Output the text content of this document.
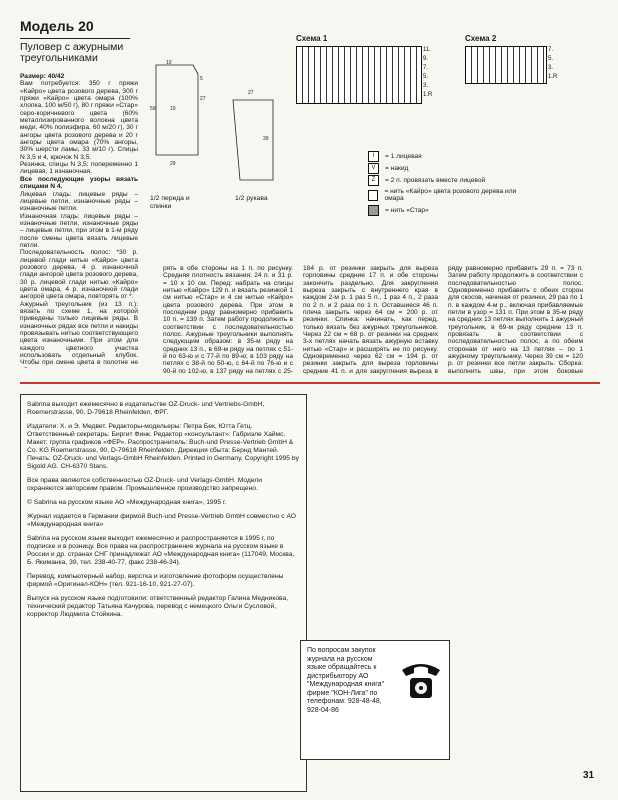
Модель 20
Пуловер с ажурными треугольниками
Размер: 40/42
Вам потребуется: 350 г пряжи «Кайро» цвета розового дерева, 300 г пряжи «Кайро» цвета омара (100% хлопка, 100 м/50 г), 80 г пряжи «Стар» серо-коричневого цвета (60% металлизированного волокна цвета меди, 40% полиэфира, 60 м/20 г), 30 г ангоры цвета розового дерева и 20 г ангоры цвета омара (70% ангоры, 30% шерсти ламы, 33 м/10 г). Спицы N 3,5 и 4, крючок N 3,5.
Резинка, спицы N 3,5: попеременно 1 лицевая, 1 изнаночная.
Все последующие узоры вязать спицами N 4.
Лицевая гладь: лицевые ряды – лицевые петли, изнаночные ряды – изнаночные петли.
Изнаночная гладь: лицевые ряды – изнаночные петли, изнаночные ряды – лицевые петли, при этом в 1-м ряду после смены цвета вязать лицевые петли.
Последовательность полос: *30 р. лицевой глади нитью «Кайро» цвета розового дерева, 4 р. изнаночной глади ангорой цвета розового дерева, 30 р. лицевой глади нитью «Кайро» цвета омара, 4 р. изнаночной глади ангорой цвета омара, повторять от *.
Ажурный треугольник (из 13 п.): вязать по схеме 1, на которой приведены только лицевые ряды. В изнаночных рядах все петли и накиды провязывать нитью соответствующего цвета изнаночными. При этом для каждого цветного участка использовать отдельный клубок. Чтобы при смене цвета в полотне не
10
19
5
27
27
59
29
39
1/2 переда и спинки
1/2 рукава
Схема 1
11.
9.
7.
5.
3.
1.R
Схема 2
7.
5.
3.
1.R
I	= 1 лицевая
V	= накид
Z	= 2 п. провязать вместе лицевой
= нить «Кайро» цвета розового дерева или омара
= нить «Стар»
рять в обе стороны на 1 п. по рисунку. Средняя плотность вязания: 24 п. и 31 р. = 10 х 10 см. Перед: набрать на спицы нитью «Кайро» 129 п. и вязать резинкой 1 см нитью «Стар» и 4 см нитью «Кайро» цвета розового дерева. При этом в последнем ряду равномерно прибавить 10 п. = 139 п. Затем работу продолжить в соответствии с последовательностью полос. Ажурные треугольники выполнять следующим образом: в 35-м ряду на средних 13 п., в 69-м ряду на петлях с 51-й по 63-ю и с 77-й по 89-ю; в 103 ряду на петлях с 38-й по 50-ю, с 64-й по 76-ю и с 90-й по 102-ю, в 137 ряду на петлях с 25-
184 р. от резинки закрыть для выреза горловины средние 17 п. и обе стороны закончить раздельно. Для закругления выреза закрыть с внутреннего края в каждом 2-м р. 1 раз 5 п., 1 раз 4 п., 2 раза по 2 п. и 2 раза по 1 п. Оставшиеся 46 п. плеча закрыть через 64 см = 200 р. от резинки. Спинка: начинать, как перед, только вязать без ажурных треугольников. Через 22 см = 68 р. от резинки на средних 3-х петлях начать вязать ажурную вставку нитью «Стар» и расширять ее по рисунку. Одновременно через 62 см = 194 р. от резинки закрыть для выреза горловины средние 41 п. и для закругления выреза в
ряду равномерно прибавить 29 п. = 73 п. Затем работу продолжить в соответствии с последовательностью полос. Одновременно прибавить с обеих сторон для скосов, начиная от резинки, 29 раз по 1 п. в каждом 4-м р., включая прибавляемые петли в узор = 131 п. При этом в 35-м ряду на средних 13 петлях выполнить 1 ажурный треугольник, в 69-м ряду средние 13 п. провязать в соответствии с последовательностью полос, а по обеим сторонам от него на 13 петлях – по 1 ажурному треугольнику. Через 39 см = 120 р. от резинки все петли закрыть. Сборка: выполнить швы, при этом боковые

Sabrina выходит ежемесячно в издательстве OZ-Druck- und Vertriebs-GmbH, Roemerstrasse, 90, D-79618 Rheinfelden, ФРГ.

Издатели: Х. и Э. Медвет. Редакторы-модельеры: Петра Бек, Ютта Гетц. Ответственный секретарь: Биргит Финк. Редактор «консультант»: Габриэле Хаймс. Макет: группа графиков «ФЕР». Распространитель: Buch-und Presse-Vertrieb GmbH & Co. KG Roemerstrasse, 90, D-79618 Rheinfelden. Дирекция сбыта: Бернд Мантей. Печать: OZ-Druck- und Verlags-GmbH Rheinfelden. Printed in Germany, Copyright 1995 by Sigold AG. CH-6370 Stans.

Все права являются собственностью OZ-Druck- und Verlags-GmbH. Модели охраняются авторским правом. Промышленное производство запрещено.

© Sabrina на русском языке АО «Международная книга», 1995 г.

Журнал издается в Германии фирмой Buch-und Presse-Vertrieb GmbH совместно с АО «Международная книга»

Sabrina на русском языке выходит ежемесячно и распространяется в 1995 г. по подписке и в розницу. Все права на распространение журнала на русском языке в России и др. странах СНГ принадлежат АО «Международная книга» (117049, Москва, Б. Якиманка, 39, тел. 238-40-77, факс 238-46-34).

Перевод, компьютерный набор, верстка и изготовление фотоформ осуществлены фирмой «Оригинал-КОН» (тел. 921-16-10, 921-27-07).

Выпуск на русском языке подготовили: ответственный редактор Галина Медникова, технический редактор Татьяна Качурова, перевод с немецкого Ольги Сусловой, корректор Людмила Стойкина.

По вопросам закупок журнала на русском языке обращайтесь к дистрибьютору АО "Международная книга" фирме "КОН-Лига" по телефонам: 928-48-48, 928-04-86
31
